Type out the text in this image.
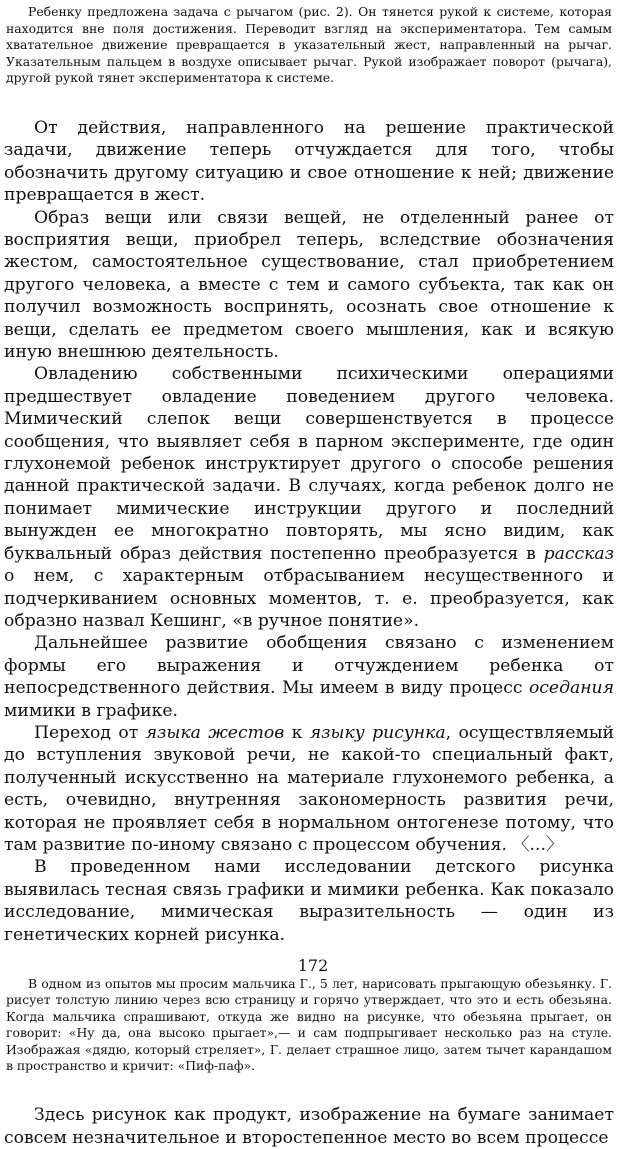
Ребенку предложена задача с рычагом (рис. 2). Он тянется рукой к системе, которая находится вне поля достижения. Переводит взгляд на экспериментатора. Тем самым хватательное движение превращается в указательный жест, направленный на рычаг. Указательным пальцем в воздухе описывает рычаг. Рукой изображает поворот (рычага), другой рукой тянет экспериментатора к системе.

От действия, направленного на решение практической задачи, движение теперь отчуждается для того, чтобы обозначить другому ситуацию и свое отношение к ней; движение превращается в жест.

Образ вещи или связи вещей, не отделенный ранее от восприятия вещи, приобрел теперь, вследствие обозначения жестом, самостоятельное существование, стал приобретением другого человека, а вместе с тем и самого субъекта, так как он получил возможность воспринять, осознать свое отношение к вещи, сделать ее предметом своего мышления, как и всякую иную внешнюю деятельность.

Овладению собственными психическими операциями предшествует овладение поведением другого человека. Мимический слепок вещи совершенствуется в процессе сообщения, что выявляет себя в парном эксперименте, где один глухонемой ребенок инструктирует другого о способе решения данной практической задачи. В случаях, когда ребенок долго не понимает мимические инструкции другого и последний вынужден ее многократно повторять, мы ясно видим, как буквальный образ действия постепенно преобразуется в рассказ о нем, с характерным отбрасыванием несущественного и подчеркиванием основных моментов, т. е. преобразуется, как образно назвал Кешинг, «в ручное понятие».

Дальнейшее развитие обобщения связано с изменением формы его выражения и отчуждением ребенка от непосредственного действия. Мы имеем в виду процесс оседания мимики в графике.

Переход от языка жестов к языку рисунка, осуществляемый до вступления звуковой речи, не какой-то специальный факт, полученный искусственно на материале глухонемого ребенка, а есть, очевидно, внутренняя закономерность развития речи, которая не проявляет себя в нормальном онтогенезе потому, что там развитие по-иному связано с процессом обучения. 〈...〉

В проведенном нами исследовании детского рисунка выявилась тесная связь графики и мимики ребенка. Как показало исследование, мимическая выразительность — один из генетических корней рисунка.

В одном из опытов мы просим мальчика Г., 5 лет, нарисовать прыгающую обезьянку. Г. рисует толстую линию через всю страницу и горячо утверждает, что это и есть обезьяна. Когда мальчика спрашивают, откуда же видно на рисунке, что обезьяна прыгает, он говорит: «Ну да, она высоко прыгает»,— и сам подпрыгивает несколько раз на стуле. Изображая «дядю, который стреляет», Г. делает страшное лицо, затем тычет карандашом в пространство и кричит: «Пиф-паф».

Здесь рисунок как продукт, изображение на бумаге занимает совсем незначительное и второстепенное место во всем процессе

172
